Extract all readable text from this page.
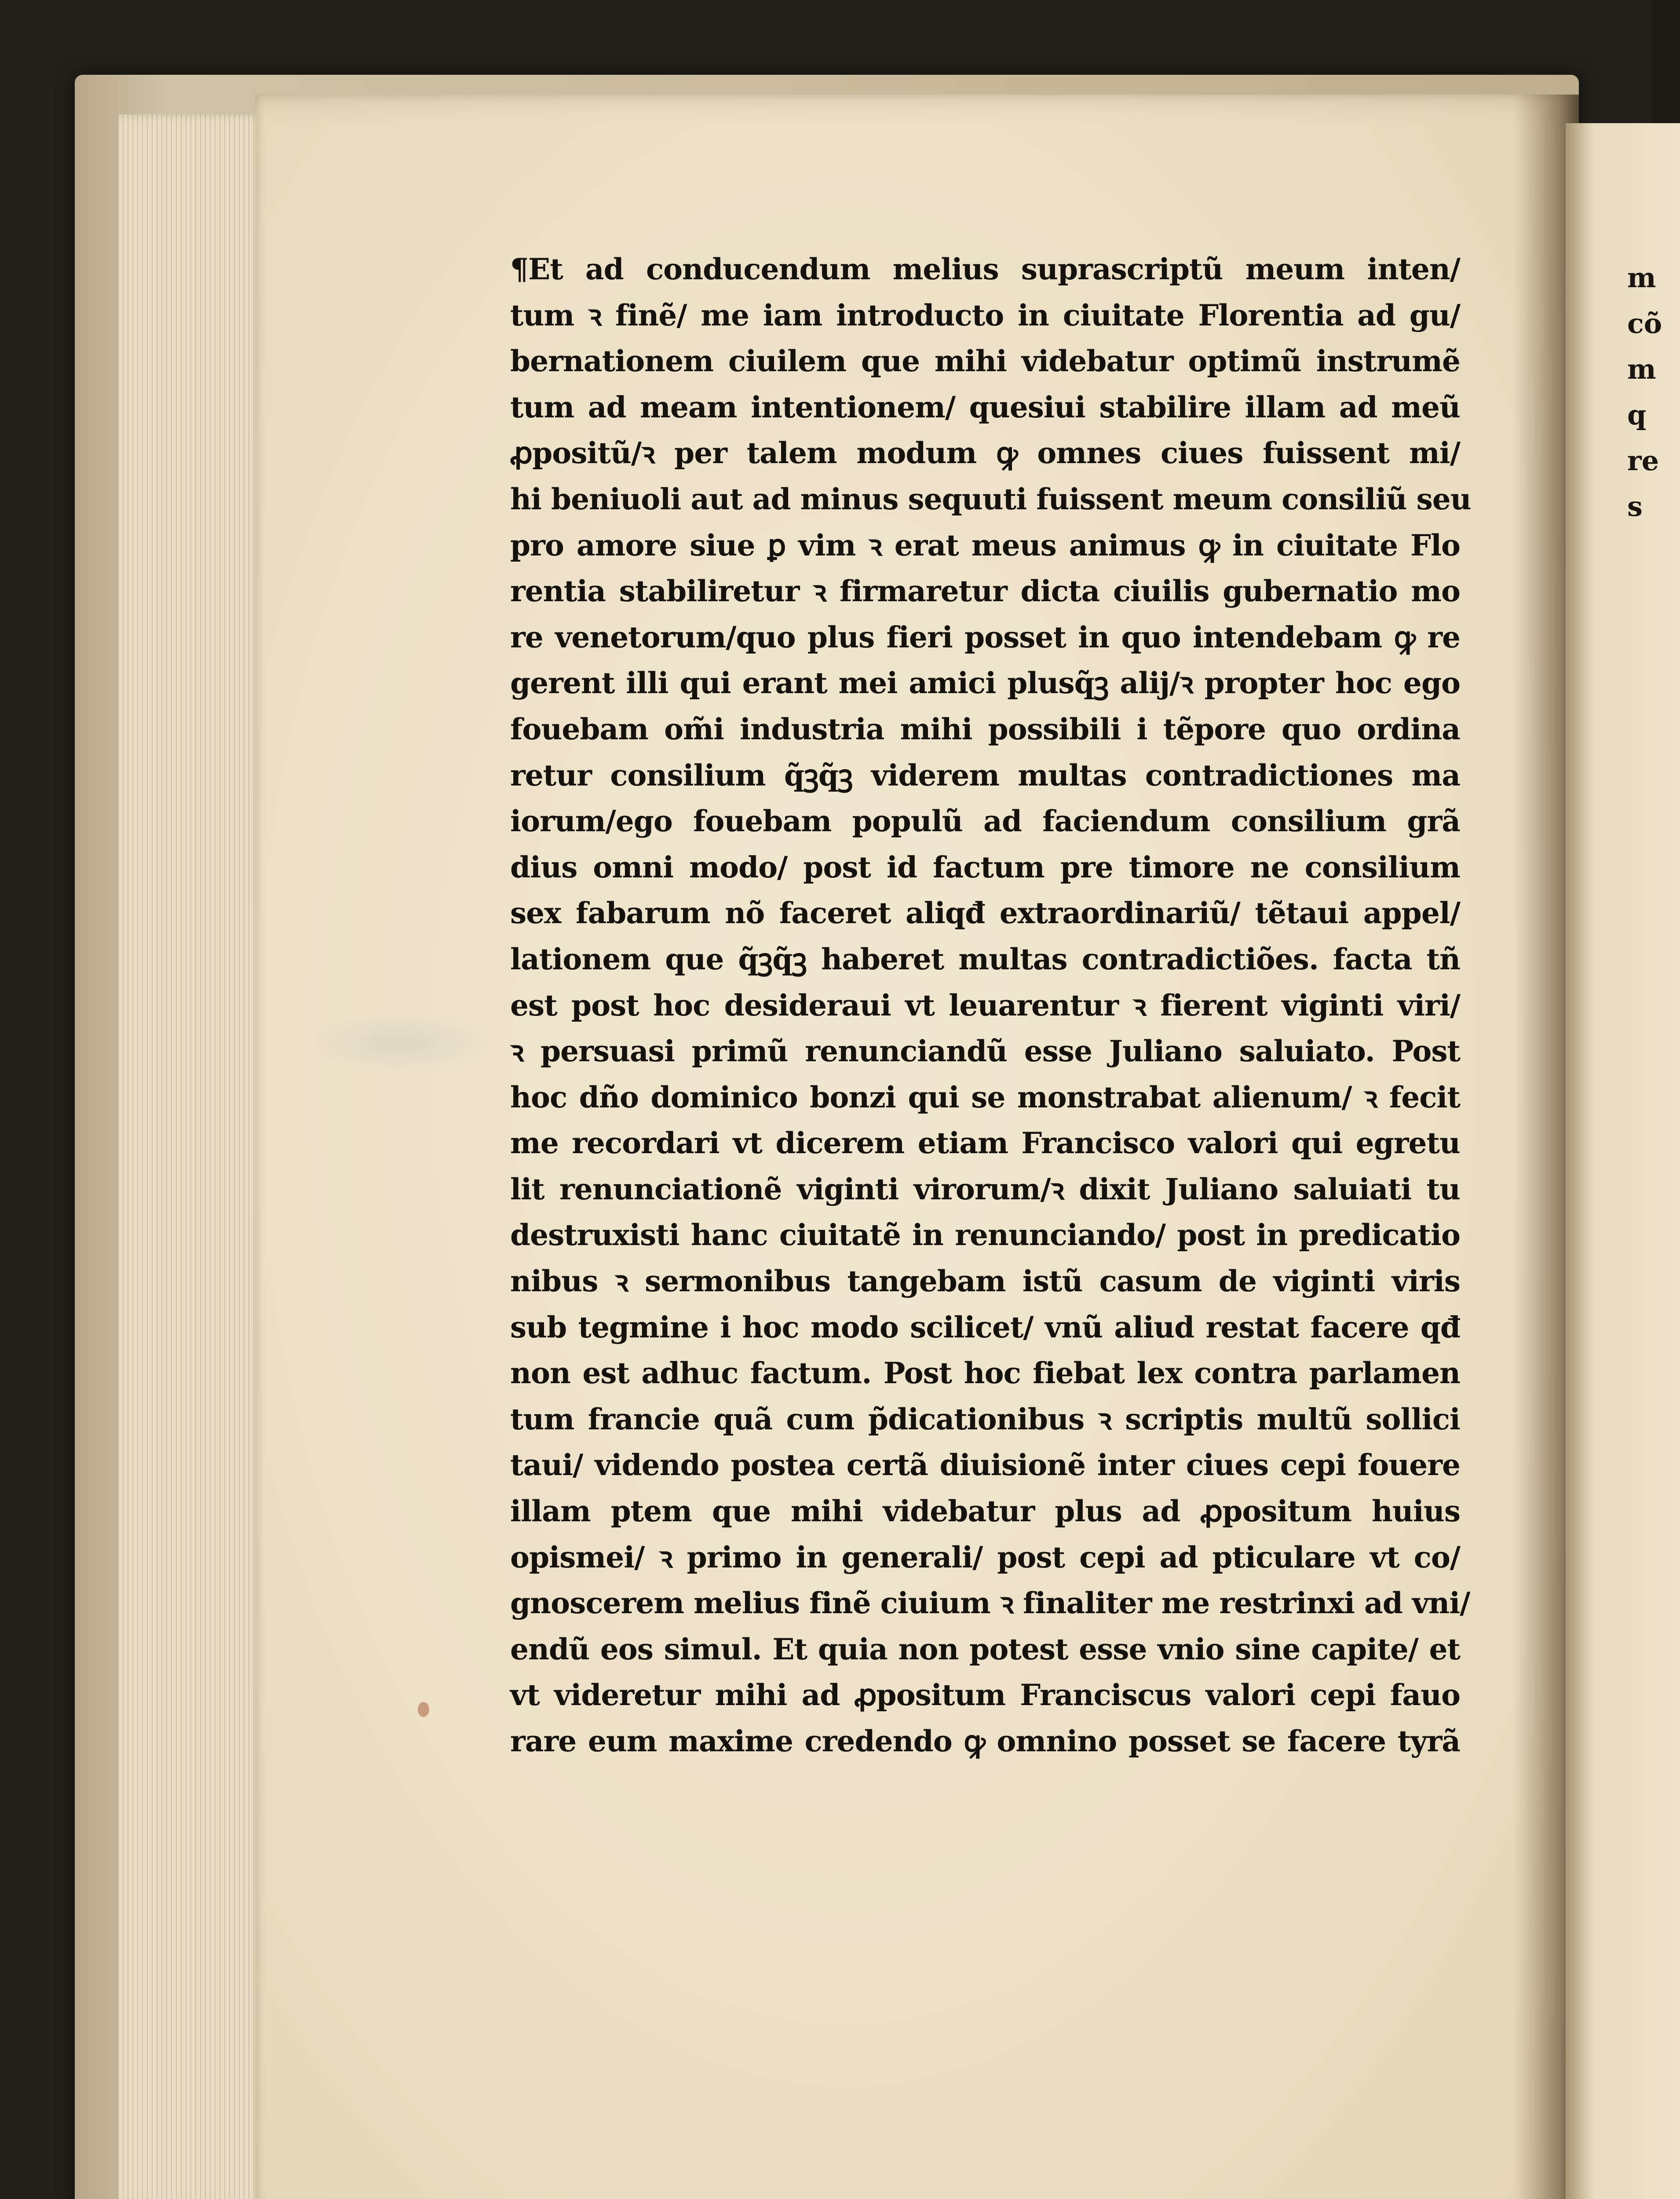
m
cõ
m
q
re
s
¶Et ad conducendum melius suprascriptũ meum inten/
tum ꝛ finẽ/ me iam introducto in ciuitate Florentia ad gu/
bernationem ciuilem que mihi videbatur optimũ instrumẽ
tum ad meam intentionem/ quesiui stabilire illam ad meũ
ꝓpositũ/ꝛ per talem modum ꝙ omnes ciues fuissent mi/
hi beniuoli aut ad minus sequuti fuissent meum consiliũ seu
pro amore siue ꝑ vim ꝛ erat meus animus ꝙ in ciuitate Flo
rentia stabiliretur ꝛ firmaretur dicta ciuilis gubernatio mo
re venetorum/quo plus fieri posset in quo intendebam ꝙ re
gerent illi qui erant mei amici plusq̃ꝫ alij/ꝛ propter hoc ego
fouebam om̃i industria mihi possibili i tẽpore quo ordina
retur consilium q̃ꝫq̃ꝫ viderem multas contradictiones ma
iorum/ego fouebam populũ ad faciendum consilium grã
dius omni modo/ post id factum pre timore ne consilium
sex fabarum nõ faceret aliqđ extraordinariũ/ tẽtaui appel/
lationem que q̃ꝫq̃ꝫ haberet multas contradictiões. facta tñ
est post hoc desideraui vt leuarentur ꝛ fierent viginti viri/
ꝛ persuasi primũ renunciandũ esse Juliano saluiato. Post
hoc dño dominico bonzi qui se monstrabat alienum/ ꝛ fecit
me recordari vt dicerem etiam Francisco valori qui egretu
lit renunciationẽ viginti virorum/ꝛ dixit Juliano saluiati tu
destruxisti hanc ciuitatẽ in renunciando/ post in predicatio
nibus ꝛ sermonibus tangebam istũ casum de viginti viris
sub tegmine i hoc modo scilicet/ vnũ aliud restat facere qđ
non est adhuc factum. Post hoc fiebat lex contra parlamen
tum francie quã cum p̃dicationibus ꝛ scriptis multũ sollici
taui/ videndo postea certã diuisionẽ inter ciues cepi fouere
illam ptem que mihi videbatur plus ad ꝓpositum huius
opismei/ ꝛ primo in generali/ post cepi ad pticulare vt co/
gnoscerem melius finẽ ciuium ꝛ finaliter me restrinxi ad vni/
endũ eos simul. Et quia non potest esse vnio sine capite/ et
vt videretur mihi ad ꝓpositum Franciscus valori cepi fauo
rare eum maxime credendo ꝙ omnino posset se facere tyrã
